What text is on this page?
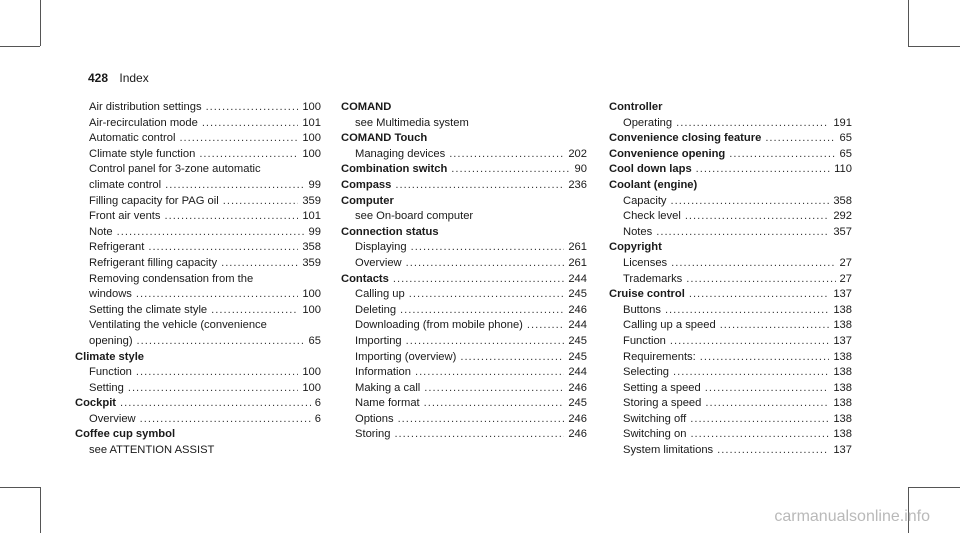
428 Index
Air distribution settings .....	100
Air-recirculation mode .....	101
Automatic control .....	100
Climate style function .....	100
Control panel for 3-zone automatic
climate control .....	99
Filling capacity for PAG oil .....	359
Front air vents .....	101
Note .....	99
Refrigerant .....	358
Refrigerant filling capacity .....	359
Removing condensation from the
windows .....	100
Setting the climate style .....	100
Ventilating the vehicle (convenience
opening) .....	65
Climate style
Function .....	100
Setting .....	100
Cockpit .....	6
Overview .....	6
Coffee cup symbol
see ATTENTION ASSIST
COMAND
see Multimedia system
COMAND Touch
Managing devices .....	202
Combination switch .....	90
Compass .....	236
Computer
see On-board computer
Connection status
Displaying .....	261
Overview .....	261
Contacts .....	244
Calling up .....	245
Deleting .....	246
Downloading (from mobile phone) .....	244
Importing .....	245
Importing (overview) .....	245
Information .....	244
Making a call .....	246
Name format .....	245
Options .....	246
Storing .....	246
Controller
Operating .....	191
Convenience closing feature .....	65
Convenience opening .....	65
Cool down laps .....	110
Coolant (engine)
Capacity .....	358
Check level .....	292
Notes .....	357
Copyright
Licenses .....	27
Trademarks .....	27
Cruise control .....	137
Buttons .....	138
Calling up a speed .....	138
Function .....	137
Requirements: .....	138
Selecting .....	138
Setting a speed .....	138
Storing a speed .....	138
Switching off .....	138
Switching on .....	138
System limitations .....	137
carmanualsonline.info
